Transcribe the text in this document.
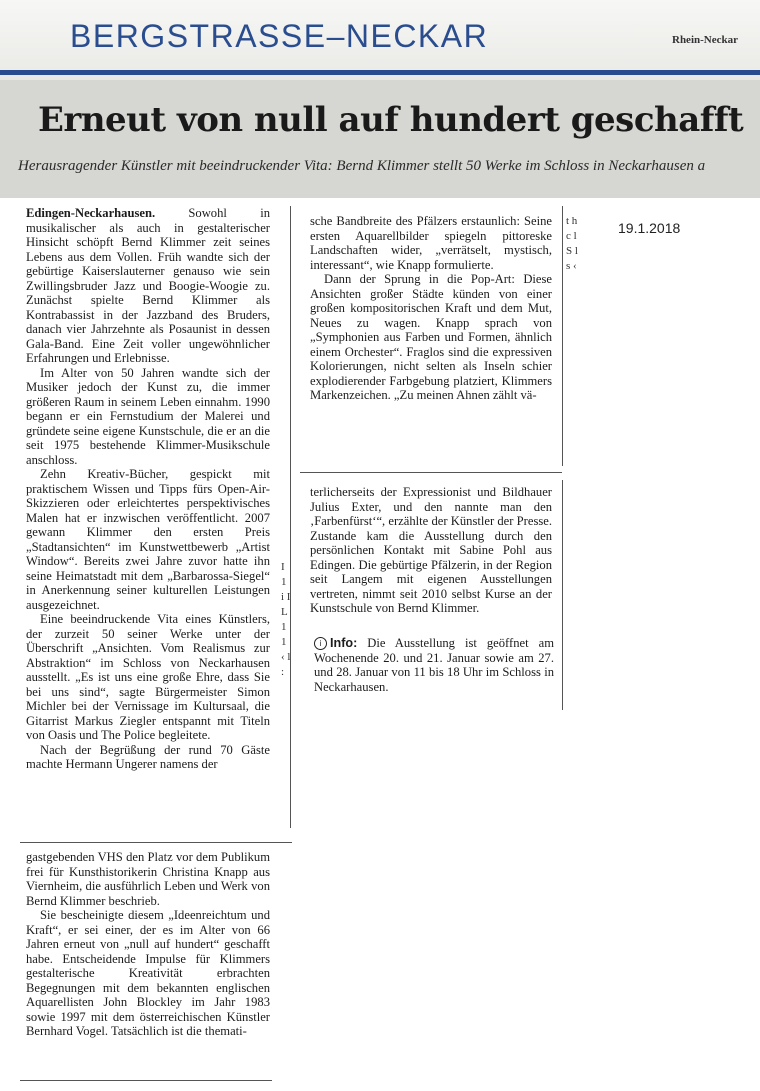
BERGSTRASSE–NECKAR	Rhein-Neckar
Erneut von null auf hundert geschafft
Herausragender Künstler mit beeindruckender Vita: Bernd Klimmer stellt 50 Werke im Schloss in Neckarhausen a
19.1.2018

Edingen-Neckarhausen.	Sowohl in musikalischer als auch in gestalterischer Hinsicht schöpft Bernd Klimmer zeit seines Lebens aus dem Vollen. Früh wandte sich der gebürtige Kaiserslauterner genauso wie sein Zwillingsbruder Jazz und Boogie-Woogie zu. Zunächst spielte Bernd Klimmer als Kontrabassist in der Jazzband des Bruders, danach vier Jahrzehnte als Posaunist in dessen Gala-Band. Eine Zeit voller ungewöhnlicher Erfahrungen und Erlebnisse.

Im Alter von 50 Jahren wandte sich der Musiker jedoch der Kunst zu, die immer größeren Raum in seinem Leben einnahm. 1990 begann er ein Fernstudium der Malerei und gründete seine eigene Kunstschule, die er an die seit 1975 bestehende Klimmer-Musikschule anschloss.

Zehn Kreativ-Bücher, gespickt mit praktischem Wissen und Tipps fürs Open-Air-Skizzieren oder erleichtertes perspektivisches Malen hat er inzwischen veröffentlicht. 2007 gewann Klimmer den ersten Preis „Stadtansichten“ im Kunstwettbewerb „Artist Window“. Bereits zwei Jahre zuvor hatte ihn seine Heimatstadt mit dem „Barbarossa-Siegel“ in Anerkennung seiner kulturellen Leistungen ausgezeichnet.

Eine beeindruckende Vita eines Künstlers, der zurzeit 50 seiner Werke unter der Überschrift „Ansichten. Vom Realismus zur Abstraktion“ im Schloss von Neckarhausen ausstellt. „Es ist uns eine große Ehre, dass Sie bei uns sind“, sagte Bürgermeister Simon Michler bei der Vernissage im Kultursaal, die Gitarrist Markus Ziegler entspannt mit Titeln von Oasis und The Police begleitete.

Nach der Begrüßung der rund 70 Gäste machte Hermann Ungerer namens der

gastgebenden VHS den Platz vor dem Publikum frei für Kunsthistorikerin Christina Knapp aus Viernheim, die ausführlich Leben und Werk von Bernd Klimmer beschrieb.

Sie bescheinigte diesem „Ideenreichtum und Kraft“, er sei einer, der es im Alter von 66 Jahren erneut von „null auf hundert“ geschafft habe. Entscheidende Impulse für Klimmers gestalterische Kreativität erbrachten Begegnungen mit dem bekannten englischen Aquarellisten John Blockley im Jahr 1983 sowie 1997 mit dem österreichischen Künstler Bernhard Vogel. Tatsächlich ist die themati-

sche Bandbreite des Pfälzers erstaunlich: Seine ersten Aquarellbilder spiegeln pittoreske Landschaften wider, „verrätselt, mystisch, interessant“, wie Knapp formulierte.

Dann der Sprung in die Pop-Art: Diese Ansichten großer Städte künden von einer großen kompositorischen Kraft und dem Mut, Neues zu wagen. Knapp sprach von „Symphonien aus Farben und Formen, ähnlich einem Orchester“. Fraglos sind die expressiven Kolorierungen, nicht selten als Inseln schier explodierender Farbgebung platziert, Klimmers Markenzeichen. „Zu meinen Ahnen zählt vä-

terlicherseits der Expressionist und Bildhauer Julius Exter, und den nannte man den ‚Farbenfürst‘“, erzählte der Künstler der Presse. Zustande kam die Ausstellung durch den persönlichen Kontakt mit Sabine Pohl aus Edingen. Die gebürtige Pfälzerin, in der Region seit Langem mit eigenen Ausstellungen vertreten, nimmt seit 2010 selbst Kurse an der Kunstschule von Bernd Klimmer.

i Info: Die Ausstellung ist geöffnet am Wochenende 20. und 21. Januar sowie am 27. und 28. Januar von 11 bis 18 Uhr im Schloss in Neckarhausen.
t h c l S l s ‹
I 1 i I L 1 1 ‹ l :
